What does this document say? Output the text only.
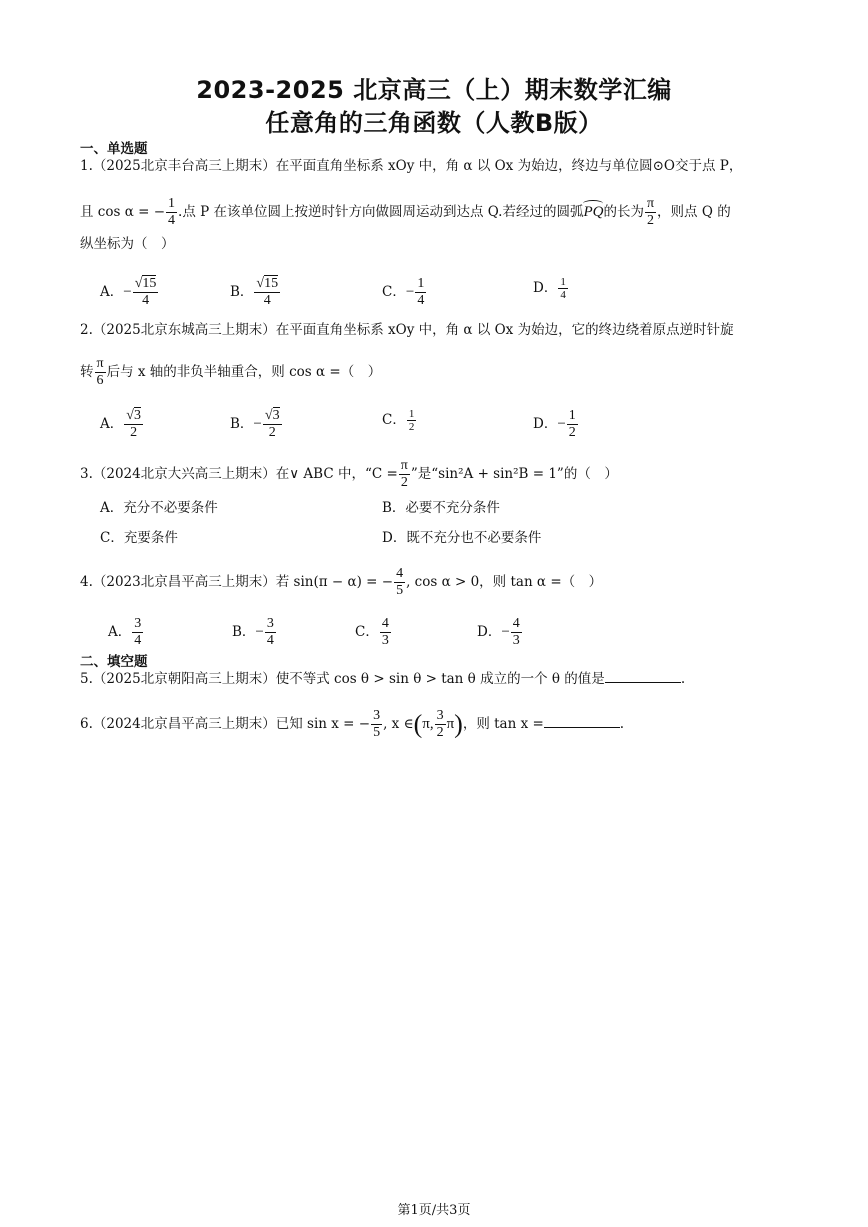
2023-2025 北京高三（上）期末数学汇编
任意角的三角函数（人教B版）
一、单选题
1.（2025北京丰台高三上期末）在平面直角坐标系 xOy 中，角 α 以 Ox 为始边，终边与单位圆⊙O交于点 P，
且 cos α = − $\frac{1}{4}$ .点 P 在该单位圆上按逆时针方向做圆周运动到达点 Q.若经过的圆弧PQ的长为 $\frac{\pi}{2}$ ，则点 Q 的
纵坐标为（　）
A．− $\frac{√15}{4}$	B． $\frac{√15}{4}$	C．− $\frac{1}{4}$	D． $\frac{1}{4}$
2.（2025北京东城高三上期末）在平面直角坐标系 xOy 中，角 α 以 Ox 为始边，它的终边绕着原点逆时针旋
转 $\frac{\pi}{6}$ 后与 x 轴的非负半轴重合，则 cos α =（　）
A． $\frac{√3}{2}$	B．− $\frac{√3}{2}$	C． $\frac{1}{2}$	D．− $\frac{1}{2}$
3.（2024北京大兴高三上期末）在∨ ABC 中，“$C = \frac{\pi}{2}$ ”是“sin²A + sin²B = 1”的（　）
A．充分不必要条件	B．必要不充分条件
C．充要条件	D．既不充分也不必要条件
4.（2023北京昌平高三上期末）若 sin(π − α) = − $\frac{4}{5}$ , cos α > 0，则 tan α =（　）
A． $\frac{3}{4}$	B．− $\frac{3}{4}$	C． $\frac{4}{3}$	D．− $\frac{4}{3}$
二、填空题
5.（2025北京朝阳高三上期末）使不等式 cos θ > sin θ > tan θ 成立的一个 θ 的值是	.
6.（2024北京昌平高三上期末）已知 sin x = − $\frac{3}{5}$ , x ∈(π, $\frac{3}{2} \pi$)，则 tan x =	.
第1页/共3页
